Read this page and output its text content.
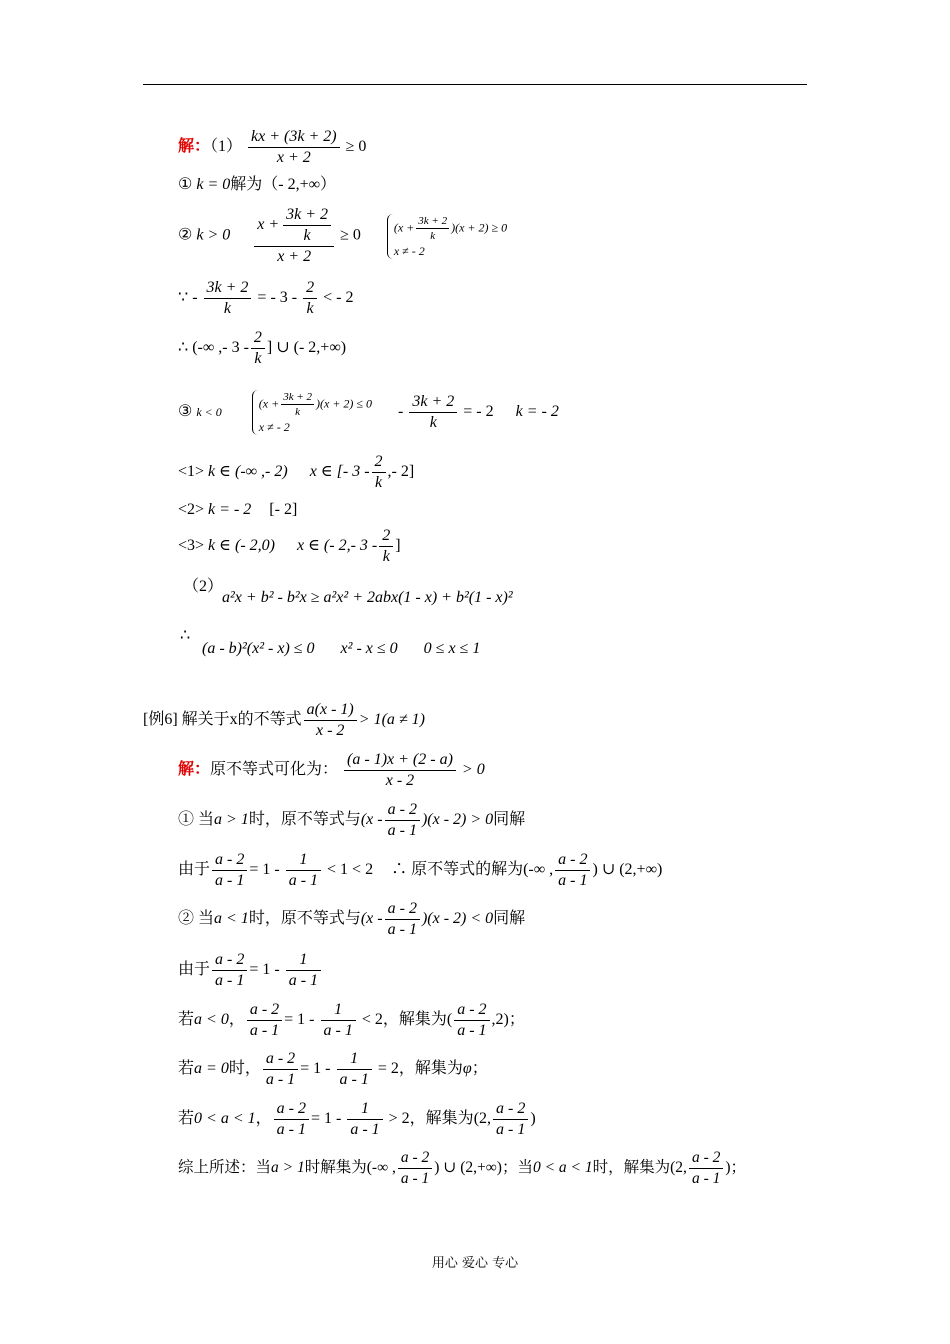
解：$(1) \frac{kx + (3k + 2)}{x + 2} \ge 0$
① k = 0解为（- 2,+∞）
② $k > 0 \frac{x + \frac{3k + 2}{k}}{x + 2} \ge 0$	$(x + \frac{3k + 2}{k} )(x + 2) \ge 0$
x ≠ - 2
∵ - $\frac{3k + 2}{k}$ = - $3 - \frac{2}{k}$ < - 2
∴ (-∞ ,- $3 - \frac{2}{k}$ ] ∪ (- 2,+∞)
③ k < 0
$(x + \frac{3k + 2}{k} )(x + 2) \le 0$
x ≠ - 2
- $\frac{3k + 2}{k}$ = - 2 k = - 2
<1> k ∈ (-∞ ,- 2) x ∈ [- $3 - \frac{2}{k}$ ,- 2]
<2> k = - 2 [- 2]
<3> k ∈ (- 2,0) x ∈ (- 2,- $3 - \frac{2}{k}$ ]
（2）
a²x + b² - b²x ≥ a²x² + 2abx(1 - x) + b²(1 - x)²
∴
(a - b)²(x² - x) ≤ 0 x² - x ≤ 0 0 ≤ x ≤ 1
[例6] 解关于x的不等式 $\frac{a(x - 1)}{x - 2} > 1(a \ne 1)$
解：原不等式可化为： $\frac{(a - 1)x + (2 - a)}{x - 2} > 0$
① 当a > 1时，原不等式与$(x - \frac{a - 2}{a - 1} )(x - 2) > 0$同解
由于 $\frac{a - 2}{a - 1} = 1 - \frac{1}{a - 1} < 1 < 2$ ∴ 原不等式的解为(-∞ , $\frac{a - 2}{a - 1}$ ) ∪ (2,+∞)
② 当a < 1时，原不等式与$(x - \frac{a - 2}{a - 1} )(x - 2) < 0$同解
由于 $\frac{a - 2}{a - 1} = 1 - \frac{1}{a - 1}$
若a < 0， $\frac{a - 2}{a - 1} = 1 - \frac{1}{a - 1} < 2$，解集为( $\frac{a - 2}{a - 1} ,2$)；
若a = 0时， $\frac{a - 2}{a - 1} = 1 - \frac{1}{a - 1} = 2$，解集为φ；
若0 < a < 1， $\frac{a - 2}{a - 1} = 1 - \frac{1}{a - 1} > 2$，解集为(2, $\frac{a - 2}{a - 1}$ )
综上所述：当a > 1时解集为(-∞ , $\frac{a - 2}{a - 1}$ ) ∪ (2,+∞)；当0 < a < 1时，解集为(2, $\frac{a - 2}{a - 1}$ )；
用心 爱心 专心
